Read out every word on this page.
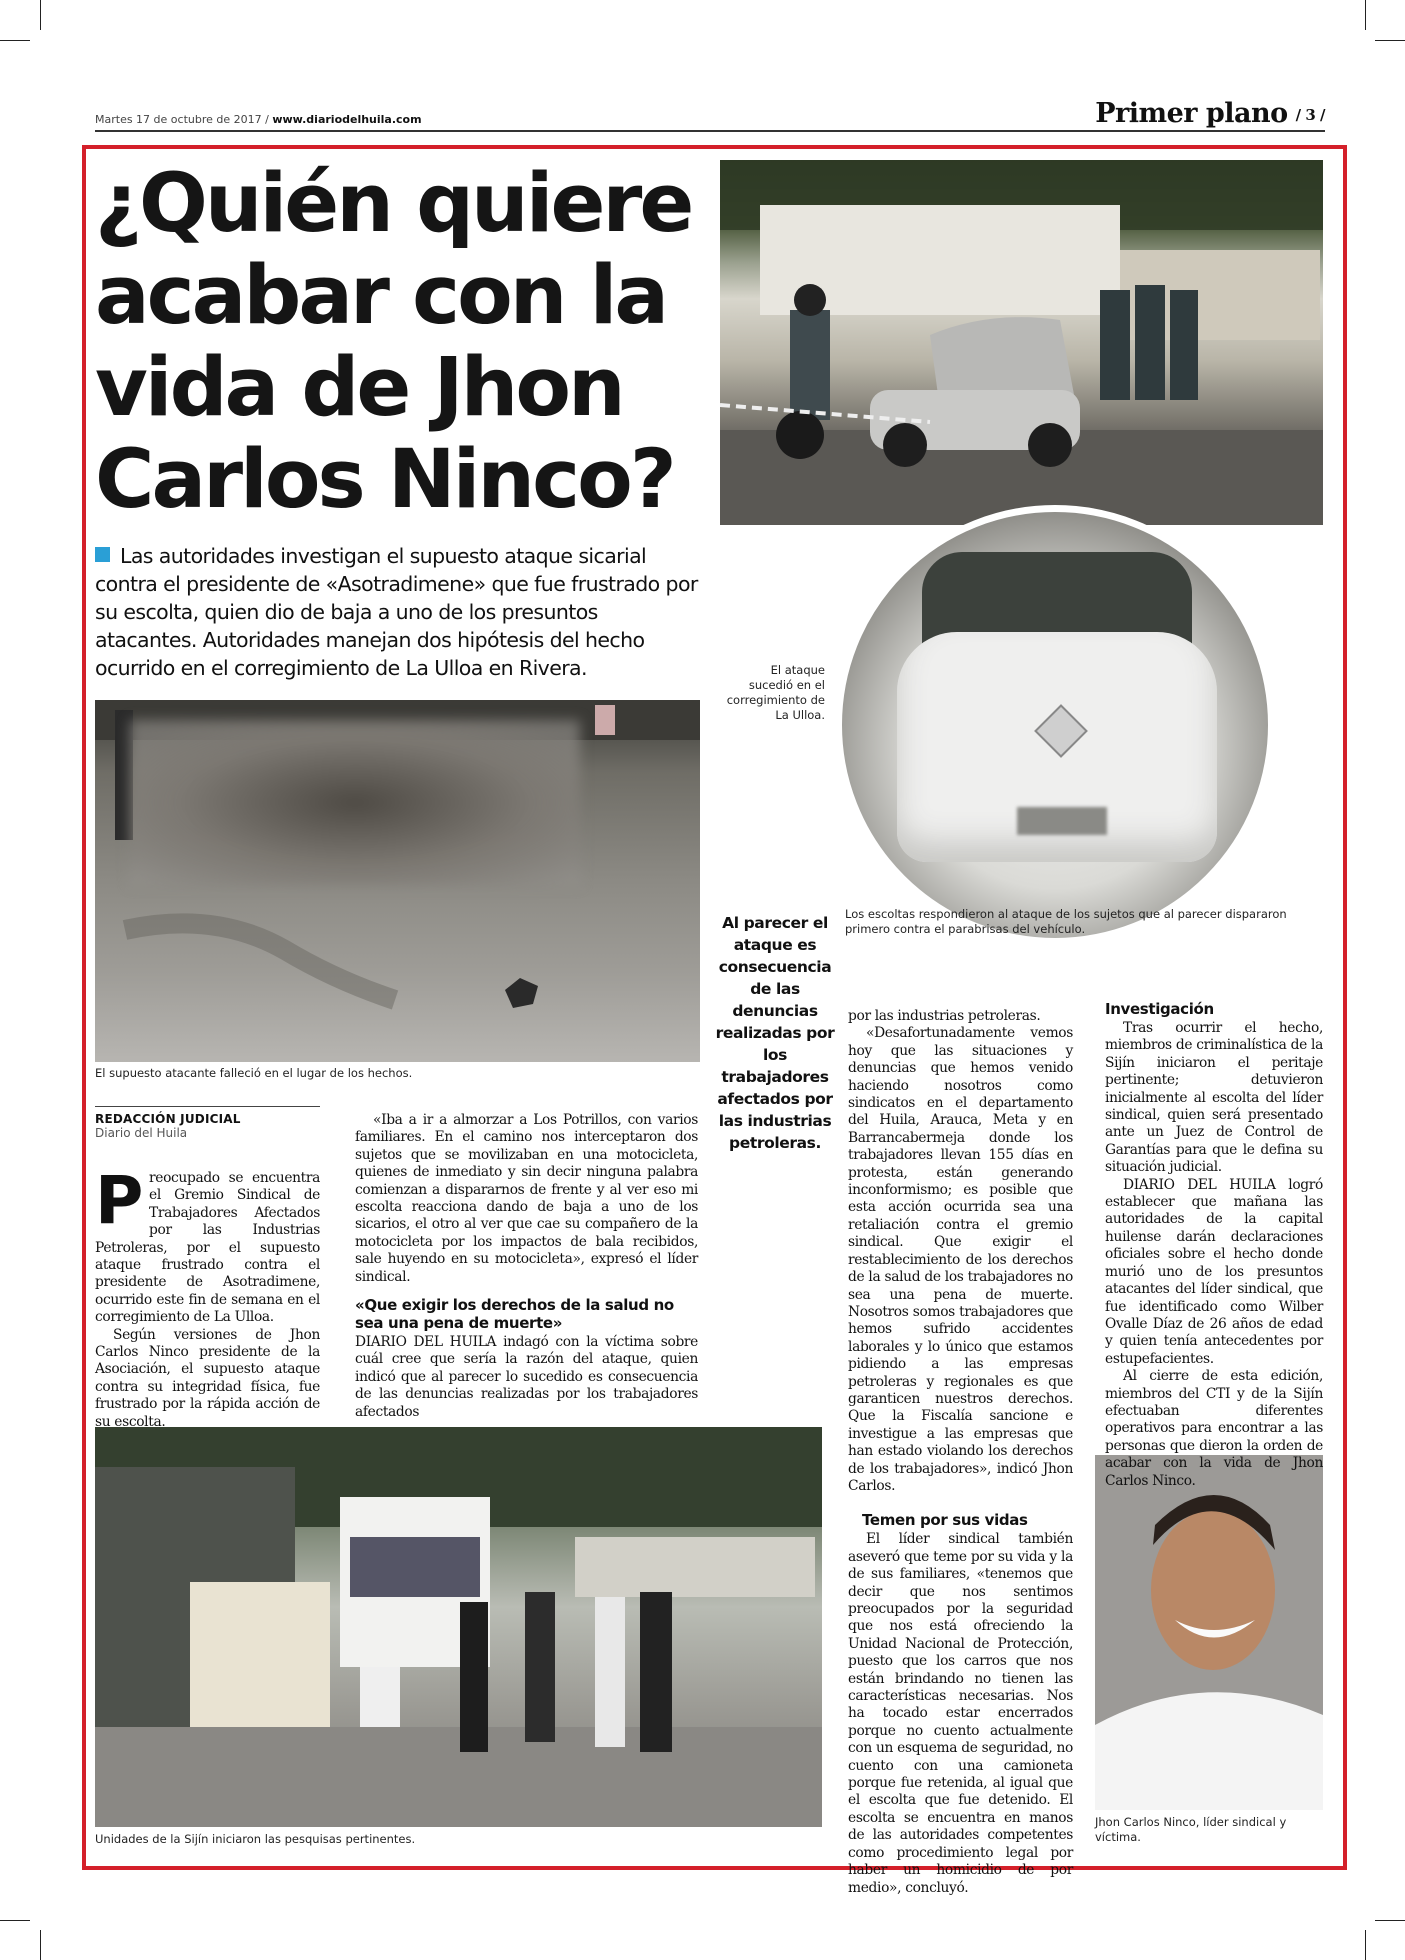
Martes 17 de octubre de 2017 / www.diariodelhuila.com	Primer plano / 3 /
¿Quién quiere acabar con la vida de Jhon Carlos Ninco?
Las autoridades investigan el supuesto ataque sicarial contra el presidente de «Asotradimene» que fue frustrado por su escolta, quien dio de baja a uno de los presuntos atacantes. Autoridades manejan dos hipótesis del hecho ocurrido en el corregimiento de La Ulloa en Rivera.	El ataque sucedió en el corregimiento de La Ulloa.
Los escoltas respondieron al ataque de los sujetos que al parecer dispararon primero contra el parabrisas del vehículo.
El supuesto atacante falleció en el lugar de los hechos.
Unidades de la Sijín iniciaron las pesquisas pertinentes.
Jhon Carlos Ninco, líder sindical y víctima.
Al parecer el ataque es consecuencia de las denuncias realizadas por los trabajadores afectados por las industrias petroleras.
REDACCIÓN JUDICIAL
Diario del Huila

Preocupado se encuentra el Gremio Sindical de Trabajadores Afectados por las Industrias Petroleras, por el supuesto ataque frustrado contra el presidente de Asotradimene, ocurrido este fin de semana en el corregimiento de La Ulloa.

Según versiones de Jhon Carlos Ninco presidente de la Asociación, el supuesto ataque contra su integridad física, fue frustrado por la rápida acción de su escolta.

«Iba a ir a almorzar a Los Potrillos, con varios familiares. En el camino nos interceptaron dos sujetos que se movilizaban en una motocicleta, quienes de inmediato y sin decir ninguna palabra comienzan a dispararnos de frente y al ver eso mi escolta reacciona dando de baja a uno de los sicarios, el otro al ver que cae su compañero de la motocicleta por los impactos de bala recibidos, sale huyendo en su motocicleta», expresó el líder sindical.

«Que exigir los derechos de la salud no sea una pena de muerte»

DIARIO DEL HUILA indagó con la víctima sobre cuál cree que sería la razón del ataque, quien indicó que al parecer lo sucedido es consecuencia de las denuncias realizadas por los trabajadores afectados

por las industrias petroleras.

«Desafortunadamente vemos hoy que las situaciones y denuncias que hemos venido haciendo nosotros como sindicatos en el departamento del Huila, Arauca, Meta y en Barrancabermeja donde los trabajadores llevan 155 días en protesta, están generando inconformismo; es posible que esta acción ocurrida sea una retaliación contra el gremio sindical. Que exigir el restablecimiento de los derechos de la salud de los trabajadores no sea una pena de muerte. Nosotros somos trabajadores que hemos sufrido accidentes laborales y lo único que estamos pidiendo a las empresas petroleras y regionales es que garanticen nuestros derechos. Que la Fiscalía sancione e investigue a las empresas que han estado violando los derechos de los trabajadores», indicó Jhon Carlos.

Temen por sus vidas

El líder sindical también aseveró que teme por su vida y la de sus familiares, «tenemos que decir que nos sentimos preocupados por la seguridad que nos está ofreciendo la Unidad Nacional de Protección, puesto que los carros que nos están brindando no tienen las características necesarias. Nos ha tocado estar encerrados porque no cuento actualmente con un esquema de seguridad, no cuento con una camioneta porque fue retenida, al igual que el escolta que fue detenido. El escolta se encuentra en manos de las autoridades competentes como procedimiento legal por haber un homicidio de por medio», concluyó.

Investigación

Tras ocurrir el hecho, miembros de criminalística de la Sijín iniciaron el peritaje pertinente; detuvieron inicialmente al escolta del líder sindical, quien será presentado ante un Juez de Control de Garantías para que le defina su situación judicial.

DIARIO DEL HUILA logró establecer que mañana las autoridades de la capital huilense darán declaraciones oficiales sobre el hecho donde murió uno de los presuntos atacantes del líder sindical, que fue identificado como Wilber Ovalle Díaz de 26 años de edad y quien tenía antecedentes por estupefacientes.

Al cierre de esta edición, miembros del CTI y de la Sijín efectuaban diferentes operativos para encontrar a las personas que dieron la orden de acabar con la vida de Jhon Carlos Ninco.
